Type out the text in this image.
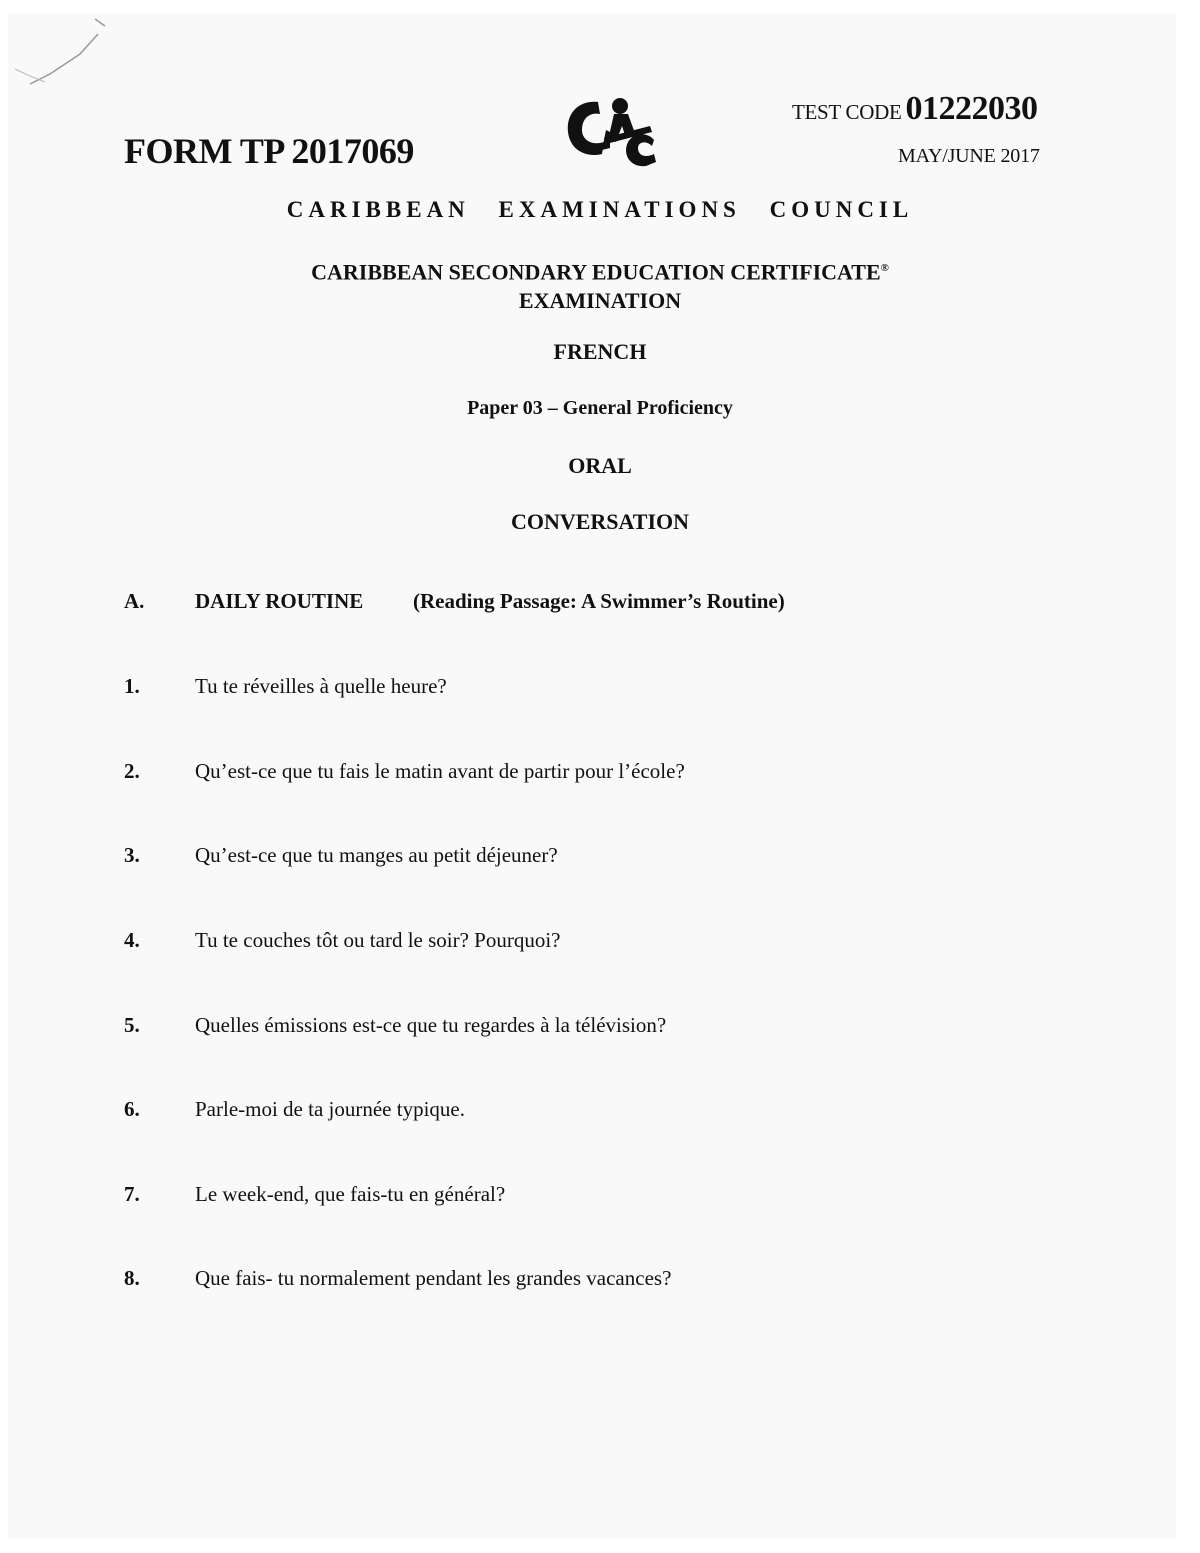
FORM TP 2017069
TEST CODE 01222030
MAY/JUNE 2017
CARIBBEAN EXAMINATIONS COUNCIL
CARIBBEAN SECONDARY EDUCATION CERTIFICATE®
EXAMINATION
FRENCH
Paper 03 – General Proficiency
ORAL
CONVERSATION
A. DAILY ROUTINE (Reading Passage: A Swimmer’s Routine)
1.	Tu te réveilles à quelle heure?
2.	Qu’est-ce que tu fais le matin avant de partir pour l’école?
3.	Qu’est-ce que tu manges au petit déjeuner?
4.	Tu te couches tôt ou tard le soir? Pourquoi?
5.	Quelles émissions est-ce que tu regardes à la télévision?
6.	Parle-moi de ta journée typique.
7.	Le week-end, que fais-tu en général?
8.	Que fais- tu normalement pendant les grandes vacances?
